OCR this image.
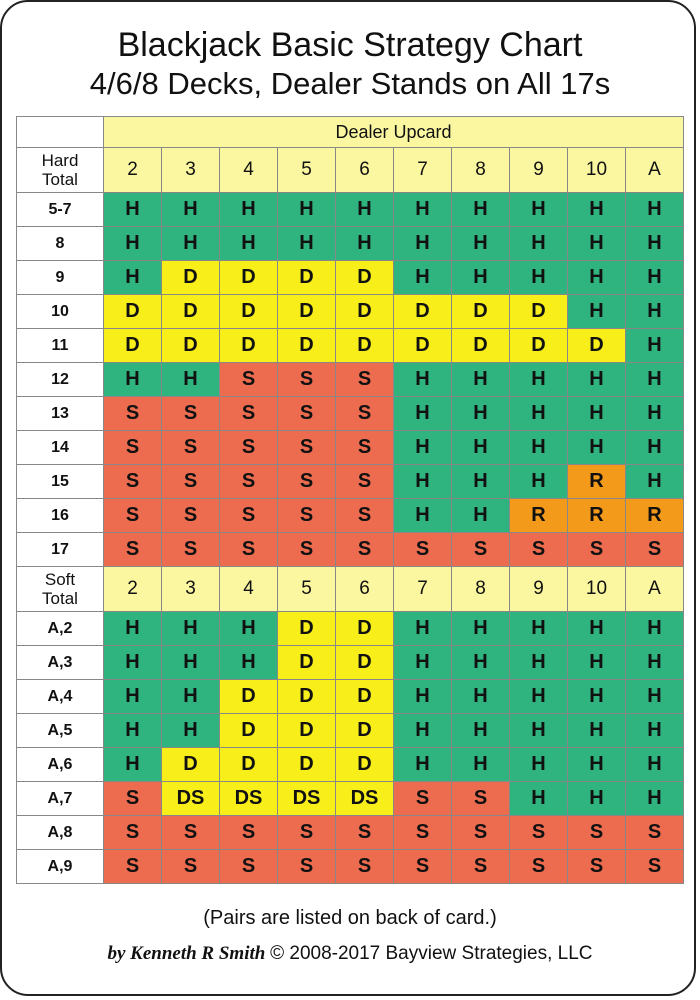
Blackjack Basic Strategy Chart
4/6/8 Decks, Dealer Stands on All 17s
	Dealer Upcard									

Hard
Total	2	3	4	5	6	7	8	9	10	A
5-7	H	H	H	H	H	H	H	H	H	H
8	H	H	H	H	H	H	H	H	H	H
9	H	D	D	D	D	H	H	H	H	H
10	D	D	D	D	D	D	D	D	H	H
11	D	D	D	D	D	D	D	D	D	H
12	H	H	S	S	S	H	H	H	H	H
13	S	S	S	S	S	H	H	H	H	H
14	S	S	S	S	S	H	H	H	H	H
15	S	S	S	S	S	H	H	H	R	H
16	S	S	S	S	S	H	H	R	R	R
17	S	S	S	S	S	S	S	S	S	S

Soft
Total	2	3	4	5	6	7	8	9	10	A
A,2	H	H	H	D	D	H	H	H	H	H
A,3	H	H	H	D	D	H	H	H	H	H
A,4	H	H	D	D	D	H	H	H	H	H
A,5	H	H	D	D	D	H	H	H	H	H
A,6	H	D	D	D	D	H	H	H	H	H
A,7	S	DS	DS	DS	DS	S	S	H	H	H
A,8	S	S	S	S	S	S	S	S	S	S
A,9	S	S	S	S	S	S	S	S	S	S
(Pairs are listed on back of card.)
by Kenneth R Smith © 2008-2017 Bayview Strategies, LLC
